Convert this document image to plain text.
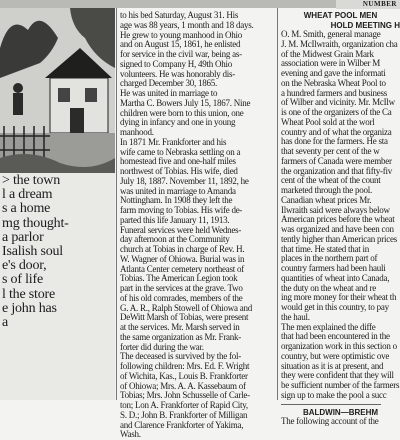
NUMBER
> the town
l a dream
s a home
mg thought-
a parlor
Isalish soul
e's door,
s of life
l the store
e john has
a
to his bed Saturday, August 31. His
age was 88 years, 1 month and 18 days.
He grew to young manhood in Ohio
and on August 15, 1861, he enlisted
for service in the civil war, being as-
signed to Company H, 49th Ohio
volunteers. He was honorably dis-
charged December 30, 1865.
He was united in marriage to
Martha C. Bowers July 15, 1867. Nine
children were born to this union, one
dying in infancy and one in young
manhood.
In 1871 Mr. Frankforter and his
wife came to Nebraska settling on a
homestead five and one-half miles
northwest of Tobias. His wife, died
July 18, 1887. November 11, 1892, he
was united in marriage to Amanda
Nottingham. In 1908 they left the
farm moving to Tobias. His wife de-
parted this life January 11, 1913.
Funeral services were held Wednes-
day afternoon at the Community
church at Tobias in charge of Rev. H.
W. Wagner of Ohiowa. Burial was in
Atlanta Center cemetery northeast of
Tobias. The American Legion took
part in the services at the grave. Two
of his old comrades, members of the
G. A. R., Ralph Stowell of Ohiowa and
DeWitt Marsh of Tobias, were present
at the services. Mr. Marsh served in
the same organization as Mr. Frank-
forter did during the war.
The deceased is survived by the fol-
following children: Mrs. Ed. F. Wright
of Wichita, Kas., Louis B. Frankforter
of Ohiowa; Mrs. A. A. Kassebaum of
Tobias; Mrs. John Schusselle of Carle-
ton; Lon A. Frankforter of Rapid City,
S. D.; John B. Frankforter of Milligan
and Clarence Frankforter of Yakima,
Wash.
WHEAT POOL MEN
HOLD MEETING H
O. M. Smith, general manage
J. M. McIlwraith, organization cha
of the Midwest Grain Mark
association were in Wilber M
evening and gave the informati
on the Nebraska Wheat Pool to
a hundred farmers and business
of Wilber and vicinity. Mr. McIlw
is one of the organizers of the Ca
Wheat Pool sold at the worl
country and of what the organiza
has done for the farmers. He sta
that seventy per cent of the w
farmers of Canada were member
the organization and that fifty-fiv
cent of the wheat of the count
marketed through the pool.
Canadian wheat prices Mr.
Ilwraith said were always below
American prices before the wheat
was organized and have been con
tently higher than American prices
that time. He stated that in
places in the northern part of
country farmers had been hauli
quantities of wheat into Canada,
the duty on the wheat and re
ing more money for their wheat th
would get in this country, to pay
the haul.
The men explained the diffe
that had been encountered in the
organization work in this section o
country, but were optimistic ove
situation as it is at present, and
they were confident that they will
be sufficient number of the farmers
sign up to make the pool a succ
BALDWIN—BREHM
The following account of the
